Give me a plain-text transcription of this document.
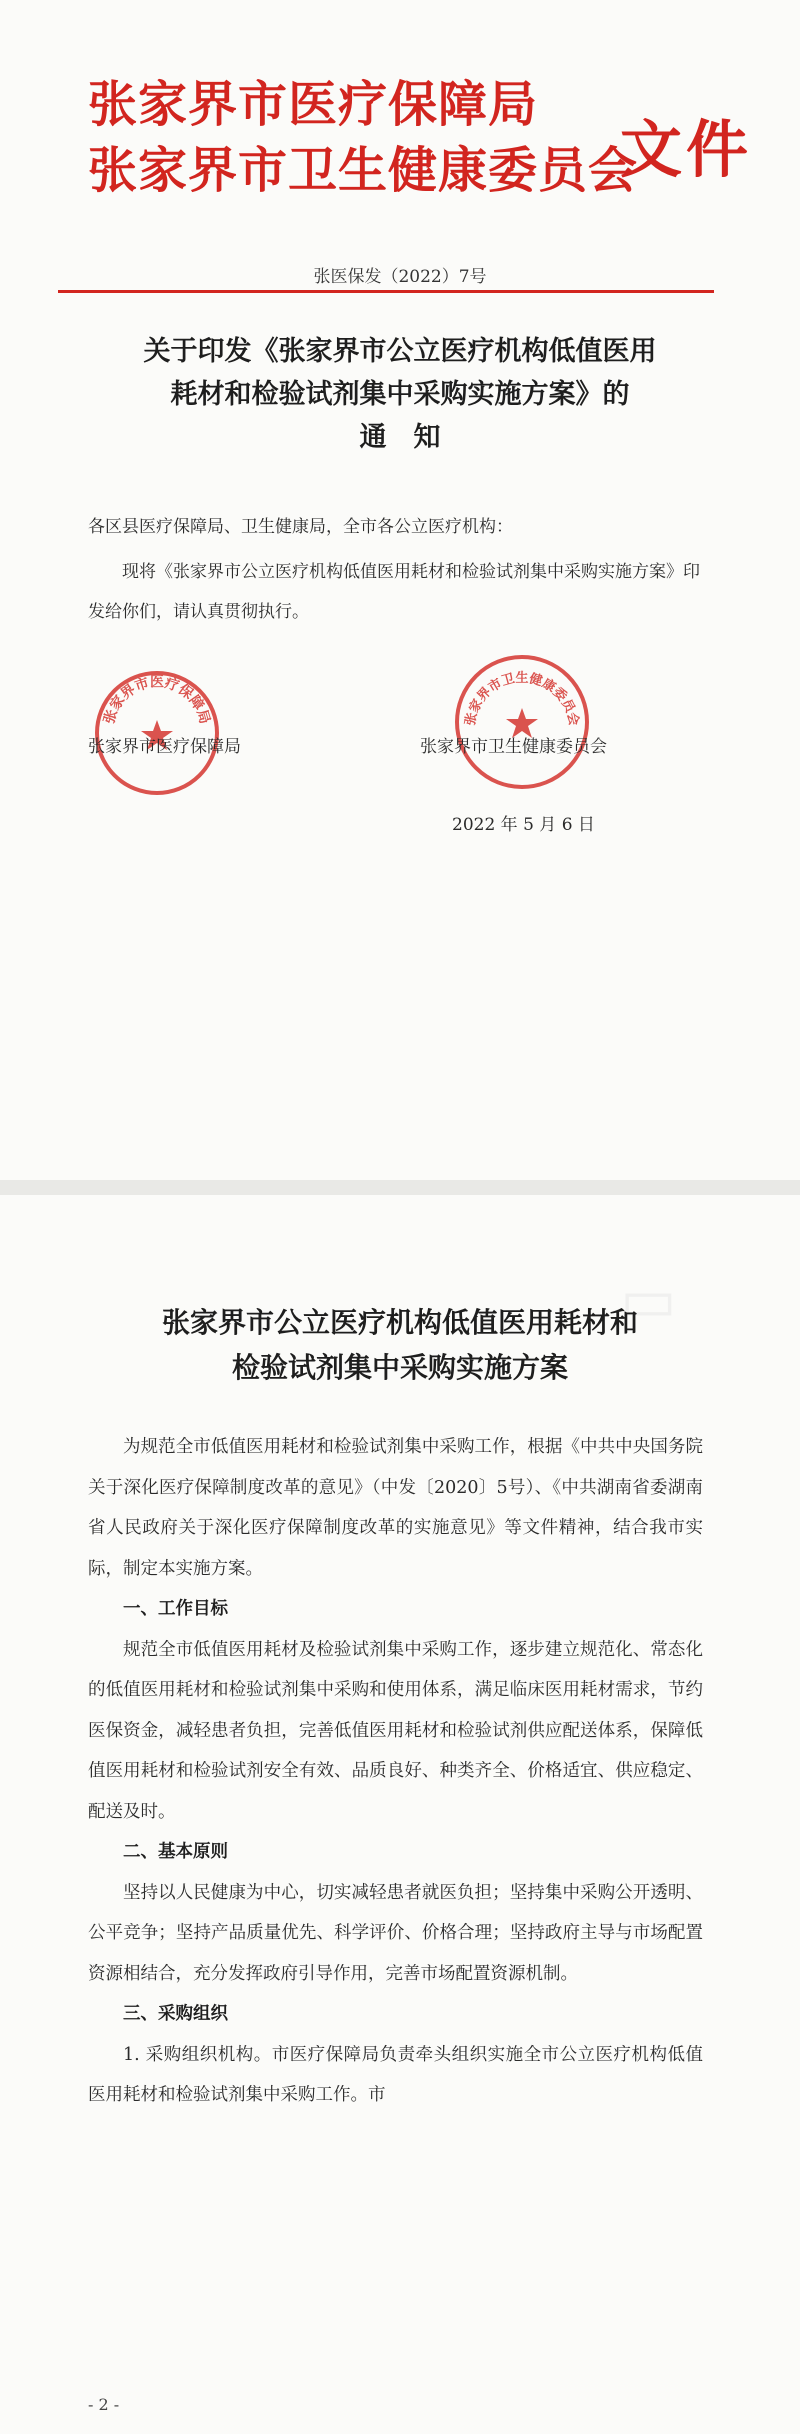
张家界市医疗保障局
张家界市卫生健康委员会
文件
张医保发（2022）7号
关于印发《张家界市公立医疗机构低值医用
耗材和检验试剂集中采购实施方案》的
通　知
各区县医疗保障局、卫生健康局，全市各公立医疗机构：
现将《张家界市公立医疗机构低值医用耗材和检验试剂集中采购实施方案》印发给你们，请认真贯彻执行。
张家界市医疗保障局	张家界市卫生健康委员会
张家界市医疗保障局	张家界市卫生健康委员会
2022 年 5 月 6 日
▭
张家界市公立医疗机构低值医用耗材和
检验试剂集中采购实施方案

为规范全市低值医用耗材和检验试剂集中采购工作，根据《中共中央国务院关于深化医疗保障制度改革的意见》（中发〔2020〕5号）、《中共湖南省委湖南省人民政府关于深化医疗保障制度改革的实施意见》等文件精神，结合我市实际，制定本实施方案。

一、工作目标

规范全市低值医用耗材及检验试剂集中采购工作，逐步建立规范化、常态化的低值医用耗材和检验试剂集中采购和使用体系，满足临床医用耗材需求，节约医保资金，减轻患者负担，完善低值医用耗材和检验试剂供应配送体系，保障低值医用耗材和检验试剂安全有效、品质良好、种类齐全、价格适宜、供应稳定、配送及时。

二、基本原则

坚持以人民健康为中心，切实减轻患者就医负担；坚持集中采购公开透明、公平竞争；坚持产品质量优先、科学评价、价格合理；坚持政府主导与市场配置资源相结合，充分发挥政府引导作用，完善市场配置资源机制。

三、采购组织

1. 采购组织机构。市医疗保障局负责牵头组织实施全市公立医疗机构低值医用耗材和检验试剂集中采购工作。市

- 2 -
